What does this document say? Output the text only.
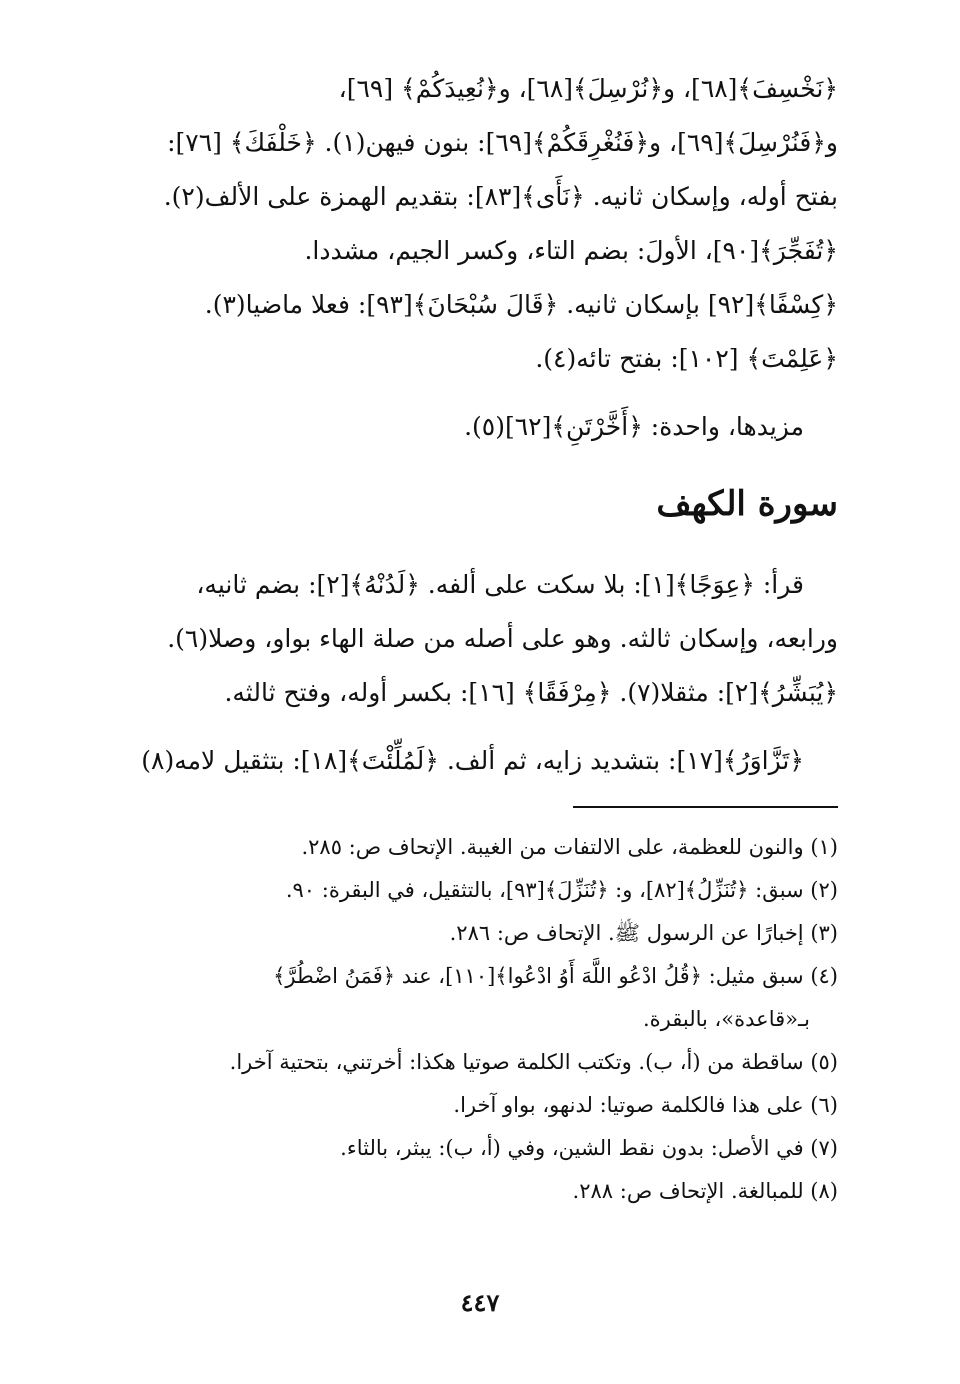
﴿نَخْسِفَ﴾[٦٨]، و﴿نُرْسِلَ﴾[٦٨]، و﴿نُعِيدَكُمْ﴾ [٦٩]،
و﴿فَنُرْسِلَ﴾[٦٩]، و﴿فَنُغْرِقَكُمْ﴾[٦٩]: بنون فيهن(١). ﴿خَلْفَكَ﴾ [٧٦]:
بفتح أوله، وإسكان ثانيه. ﴿نَأَى﴾[٨٣]: بتقديم الهمزة على الألف(٢).
﴿تُفَجِّرَ﴾[٩٠]، الأولَ: بضم التاء، وكسر الجيم، مشددا.
﴿كِسْفًا﴾[٩٢] بإسكان ثانيه. ﴿قَالَ سُبْحَانَ﴾[٩٣]: فعلا ماضيا(٣).
﴿عَلِمْتَ﴾ [١٠٢]: بفتح تائه(٤).
مزيدها، واحدة: ﴿أَخَّرْتَنِ﴾[٦٢](٥).
سورة الكهف
قرأ: ﴿عِوَجًا﴾[١]: بلا سكت على ألفه. ﴿لَدُنْهُ﴾[٢]: بضم ثانيه،
ورابعه، وإسكان ثالثه. وهو على أصله من صلة الهاء بواو، وصلا(٦).
﴿يُبَشِّرُ﴾[٢]: مثقلا(٧). ﴿مِرْفَقًا﴾ [١٦]: بكسر أوله، وفتح ثالثه.
﴿تَزَّاوَرُ﴾[١٧]: بتشديد زايه، ثم ألف. ﴿لَمُلِّئْتَ﴾[١٨]: بتثقيل لامه(٨)
(١) والنون للعظمة، على الالتفات من الغيبة. الإتحاف ص: ٢٨٥.
(٢) سبق: ﴿تُنَزِّلُ﴾[٨٢]، و: ﴿تُنَزِّلَ﴾[٩٣]، بالتثقيل، في البقرة: ٩٠.
(٣) إخبارًا عن الرسول ﷺ. الإتحاف ص: ٢٨٦.
(٤) سبق مثيل: ﴿قُلُ ادْعُو اللَّهَ أَوُ ادْعُوا﴾[١١٠]، عند ﴿فَمَنُ اضْطُرَّ﴾
بـ«قاعدة»، بالبقرة.
(٥) ساقطة من (أ، ب). وتكتب الكلمة صوتيا هكذا: أخرتني، بتحتية آخرا.
(٦) على هذا فالكلمة صوتيا: لدنهو، بواو آخرا.
(٧) في الأصل: بدون نقط الشين، وفي (أ، ب): يبثر، بالثاء.
(٨) للمبالغة. الإتحاف ص: ٢٨٨.
٤٤٧
